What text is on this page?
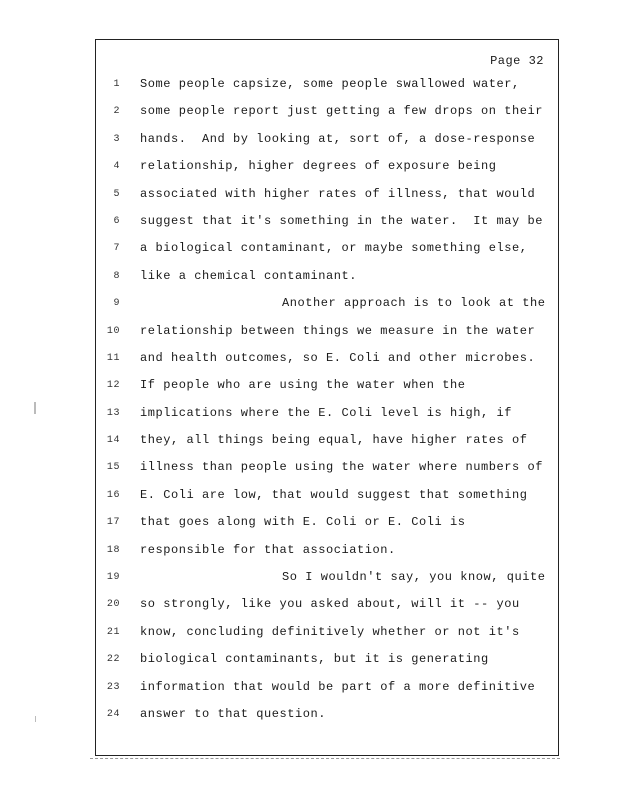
Page 32
1 Some people capsize, some people swallowed water,
2 some people report just getting a few drops on their
3 hands.  And by looking at, sort of, a dose-response
4 relationship, higher degrees of exposure being
5 associated with higher rates of illness, that would
6 suggest that it's something in the water.  It may be
7 a biological contaminant, or maybe something else,
8 like a chemical contaminant.
9	Another approach is to look at the
10 relationship between things we measure in the water
11 and health outcomes, so E. Coli and other microbes.
12 If people who are using the water when the
13 implications where the E. Coli level is high, if
14 they, all things being equal, have higher rates of
15 illness than people using the water where numbers of
16 E. Coli are low, that would suggest that something
17 that goes along with E. Coli or E. Coli is
18 responsible for that association.
19	So I wouldn't say, you know, quite
20 so strongly, like you asked about, will it -- you
21 know, concluding definitively whether or not it's
22 biological contaminants, but it is generating
23 information that would be part of a more definitive
24 answer to that question.
